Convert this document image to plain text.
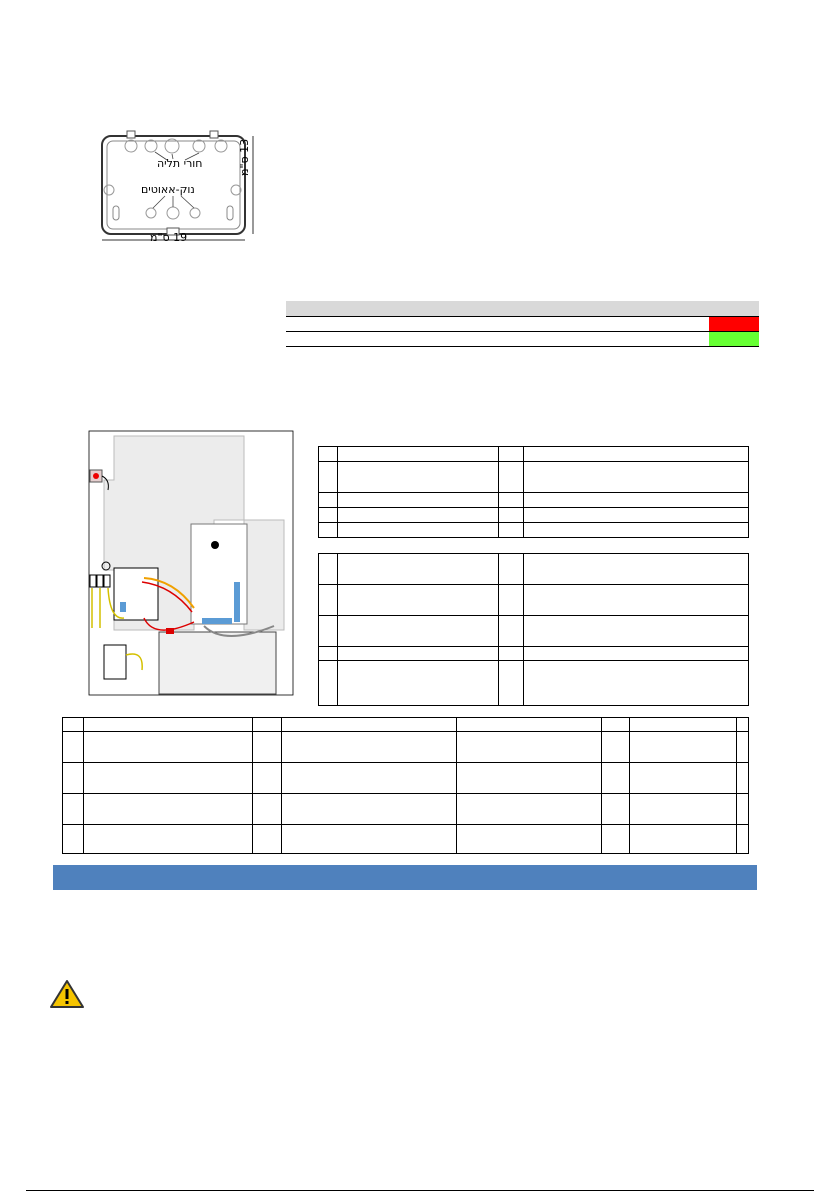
חורי תליה
נוק-אאוטים
19 ס"מ
13 ס"מ
